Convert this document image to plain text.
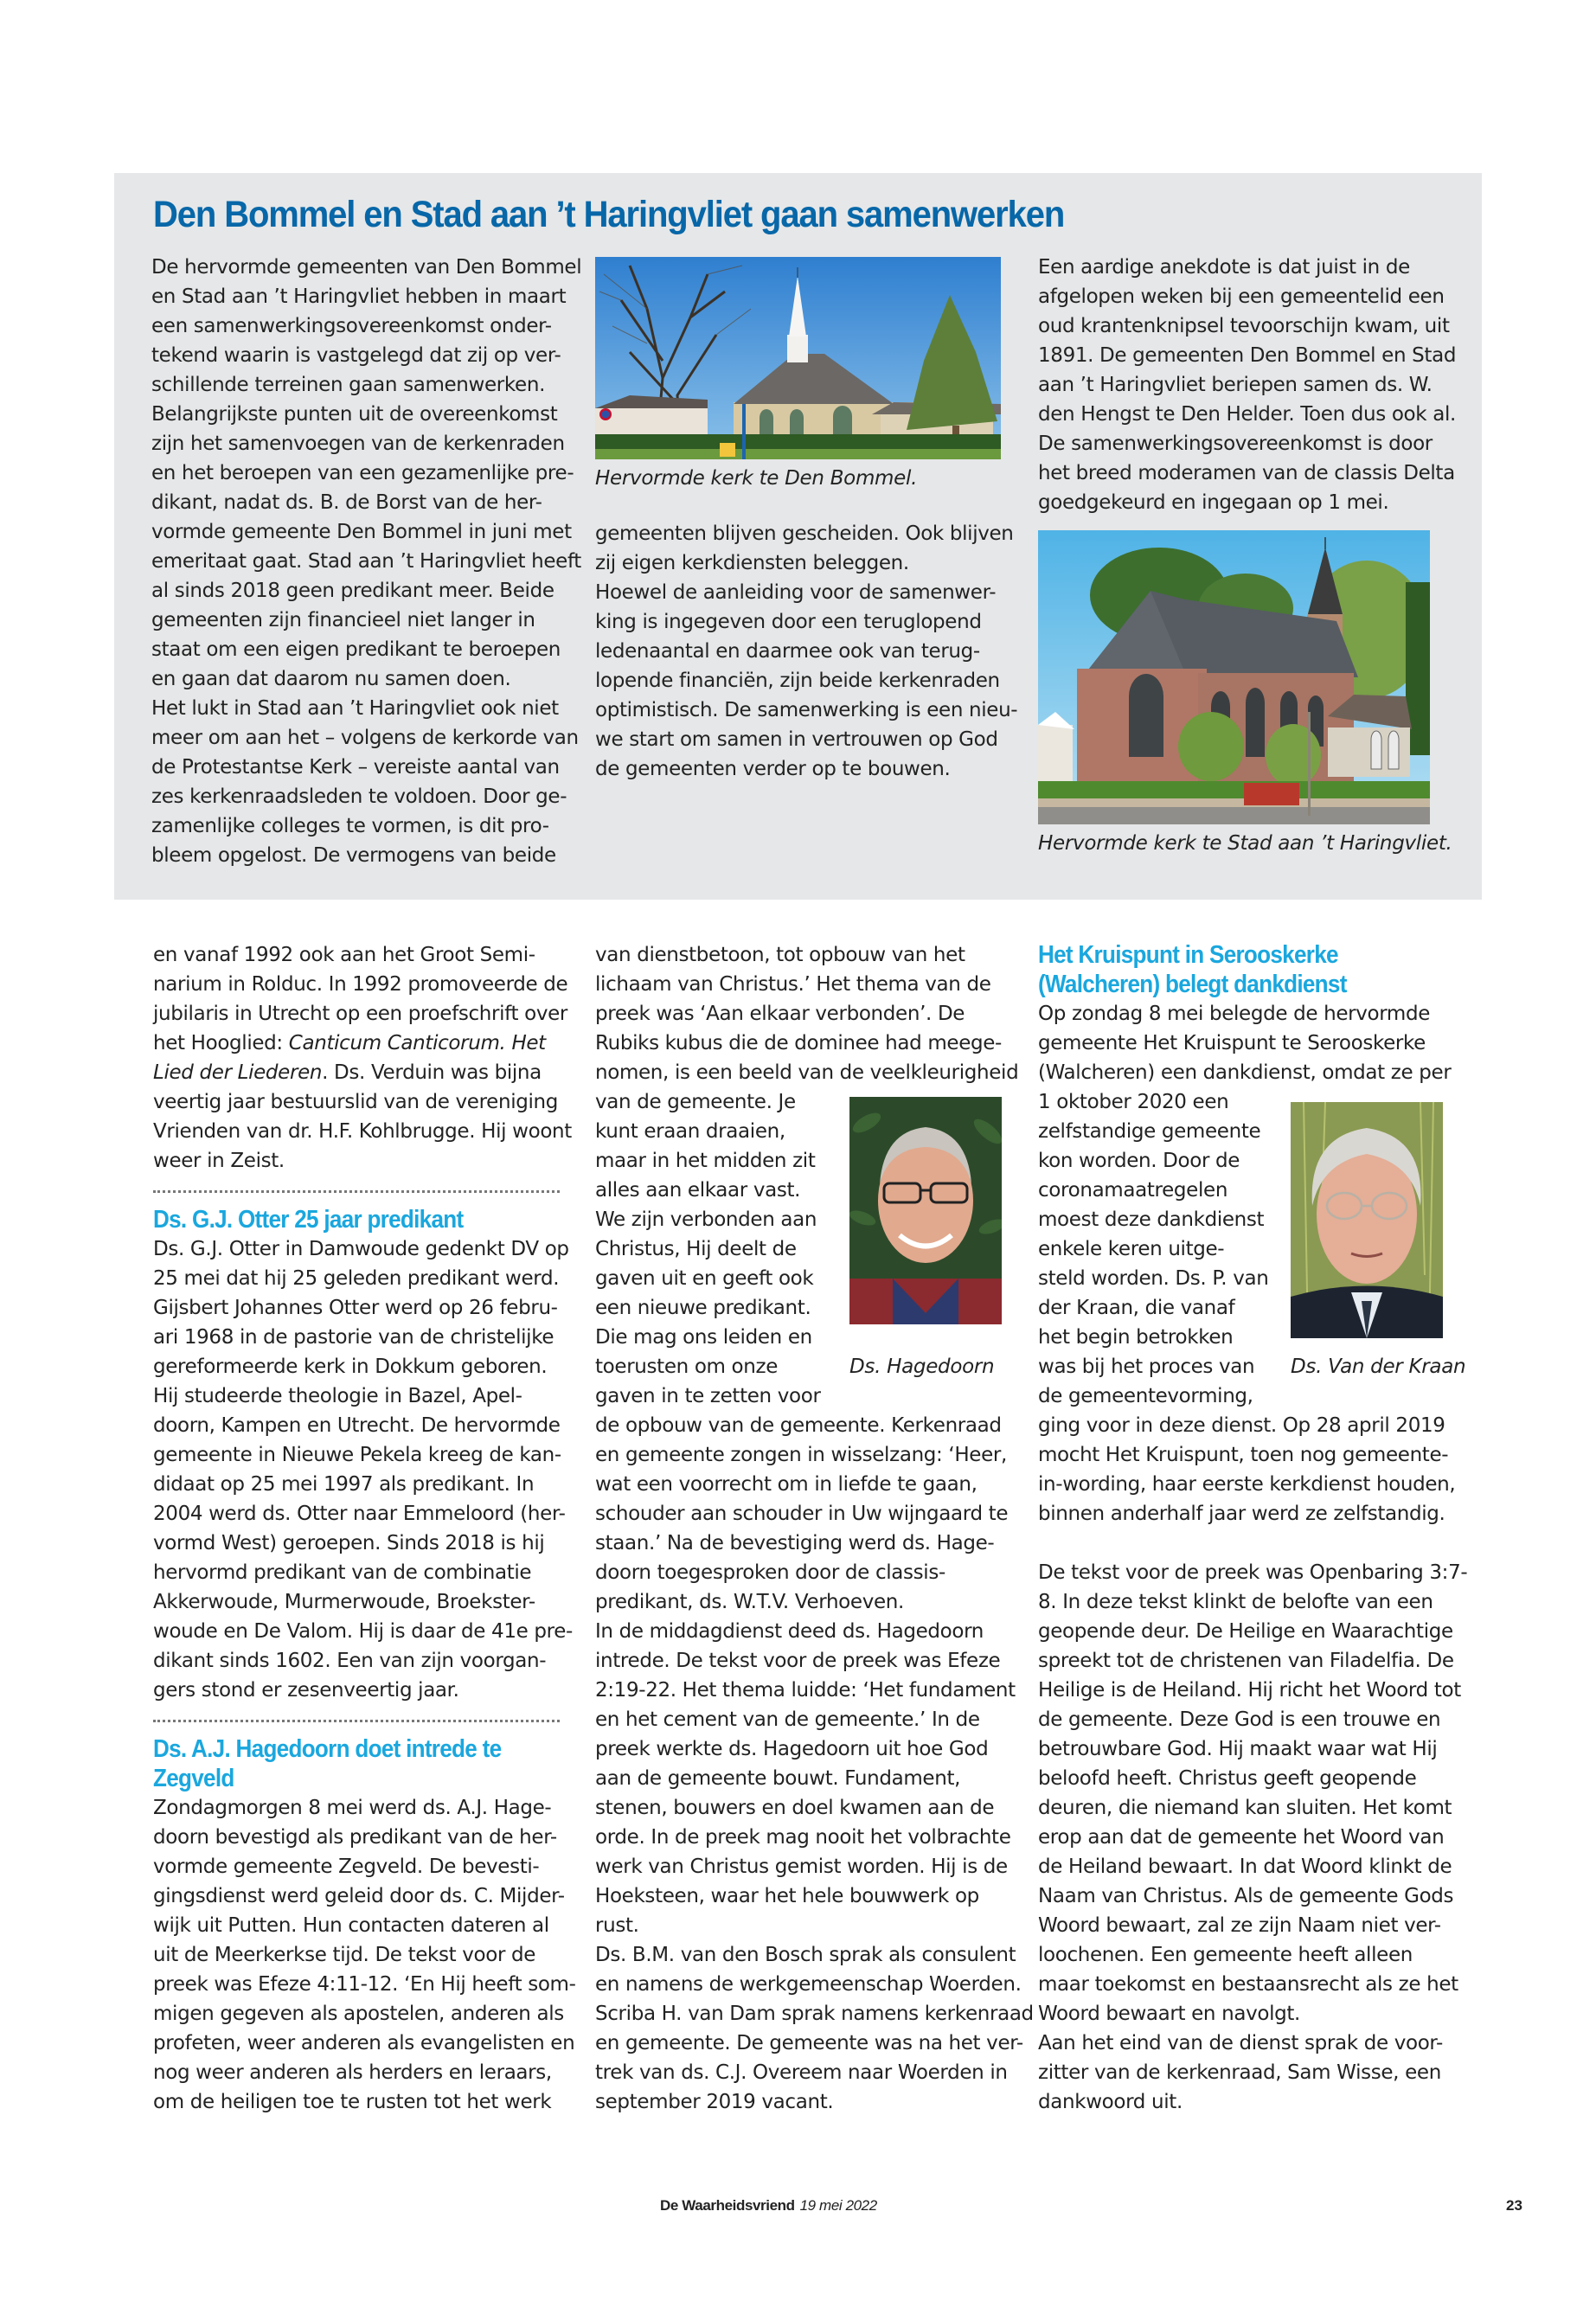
Den Bommel en Stad aan ’t Haringvliet gaan samenwerken

De hervormde gemeenten van Den Bommel

en Stad aan ’t Haringvliet hebben in maart

een samenwerkingsovereenkomst onder-

tekend waarin is vastgelegd dat zij op ver-

schillende terreinen gaan samenwerken.

Belangrijkste punten uit de overeenkomst

zijn het samenvoegen van de kerkenraden

en het beroepen van een gezamenlijke pre-

dikant, nadat ds. B. de Borst van de her-

vormde gemeente Den Bommel in juni met

emeritaat gaat. Stad aan ’t Haringvliet heeft

al sinds 2018 geen predikant meer. Beide

gemeenten zijn financieel niet langer in

staat om een eigen predikant te beroepen

en gaan dat daarom nu samen doen.

Het lukt in Stad aan ’t Haringvliet ook niet

meer om aan het – volgens de kerkorde van

de Protestantse Kerk – vereiste aantal van

zes kerkenraadsleden te voldoen. Door ge-

zamenlijke colleges te vormen, is dit pro-

bleem opgelost. De vermogens van beide

Hervormde kerk te Den Bommel.

gemeenten blijven gescheiden. Ook blijven

zij eigen kerkdiensten beleggen.

Hoewel de aanleiding voor de samenwer-

king is ingegeven door een teruglopend

ledenaantal en daarmee ook van terug-

lopende financiën, zijn beide kerkenraden

optimistisch. De samenwerking is een nieu-

we start om samen in vertrouwen op God

de gemeenten verder op te bouwen.

Een aardige anekdote is dat juist in de

afgelopen weken bij een gemeentelid een

oud krantenknipsel tevoorschijn kwam, uit

1891. De gemeenten Den Bommel en Stad

aan ’t Haringvliet beriepen samen ds. W.

den Hengst te Den Helder. Toen dus ook al.

De samenwerkingsovereenkomst is door

het breed moderamen van de classis Delta

goedgekeurd en ingegaan op 1 mei.

Hervormde kerk te Stad aan ’t Haringvliet.

en vanaf 1992 ook aan het Groot Semi-

narium in Rolduc. In 1992 promoveerde de

jubilaris in Utrecht op een proefschrift over

het Hooglied: Canticum Canticorum. Het

Lied der Liederen. Ds. Verduin was bijna

veertig jaar bestuurslid van de vereniging

Vrienden van dr. H.F. Kohlbrugge. Hij woont

weer in Zeist.

Ds. G.J. Otter 25 jaar predikant

Ds. G.J. Otter in Damwoude gedenkt DV op

25 mei dat hij 25 geleden predikant werd.

Gijsbert Johannes Otter werd op 26 febru-

ari 1968 in de pastorie van de christelijke

gereformeerde kerk in Dokkum geboren.

Hij studeerde theologie in Bazel, Apel-

doorn, Kampen en Utrecht. De hervormde

gemeente in Nieuwe Pekela kreeg de kan-

didaat op 25 mei 1997 als predikant. In

2004 werd ds. Otter naar Emmeloord (her-

vormd West) geroepen. Sinds 2018 is hij

hervormd predikant van de combinatie

Akkerwoude, Murmerwoude, Broekster-

woude en De Valom. Hij is daar de 41e pre-

dikant sinds 1602. Een van zijn voorgan-

gers stond er zesenveertig jaar.

Ds. A.J. Hagedoorn doet intrede te
Zegveld

Zondagmorgen 8 mei werd ds. A.J. Hage-

doorn bevestigd als predikant van de her-

vormde gemeente Zegveld. De bevesti-

gingsdienst werd geleid door ds. C. Mijder-

wijk uit Putten. Hun contacten dateren al

uit de Meerkerkse tijd. De tekst voor de

preek was Efeze 4:11-12. ‘En Hij heeft som-

migen gegeven als apostelen, anderen als

profeten, weer anderen als evangelisten en

nog weer anderen als herders en leraars,

om de heiligen toe te rusten tot het werk

van dienstbetoon, tot opbouw van het

lichaam van Christus.’ Het thema van de

preek was ‘Aan elkaar verbonden’. De

Rubiks kubus die de dominee had meege-

nomen, is een beeld van de veelkleurigheid

van de gemeente. Je

kunt eraan draaien,

maar in het midden zit

alles aan elkaar vast.

We zijn verbonden aan

Christus, Hij deelt de

gaven uit en geeft ook

een nieuwe predikant.

Die mag ons leiden en

toerusten om onze

gaven in te zetten voor

Ds. Hagedoorn

de opbouw van de gemeente. Kerkenraad

en gemeente zongen in wisselzang: ‘Heer,

wat een voorrecht om in liefde te gaan,

schouder aan schouder in Uw wijngaard te

staan.’ Na de bevestiging werd ds. Hage-

doorn toegesproken door de classis-

predikant, ds. W.T.V. Verhoeven.

In de middagdienst deed ds. Hagedoorn

intrede. De tekst voor de preek was Efeze

2:19-22. Het thema luidde: ‘Het fundament

en het cement van de gemeente.’ In de

preek werkte ds. Hagedoorn uit hoe God

aan de gemeente bouwt. Fundament,

stenen, bouwers en doel kwamen aan de

orde. In de preek mag nooit het volbrachte

werk van Christus gemist worden. Hij is de

Hoeksteen, waar het hele bouwwerk op

rust.

Ds. B.M. van den Bosch sprak als consulent

en namens de werkgemeenschap Woerden.

Scriba H. van Dam sprak namens kerkenraad

en gemeente. De gemeente was na het ver-

trek van ds. C.J. Overeem naar Woerden in

september 2019 vacant.

Het Kruispunt in Serooskerke
(Walcheren) belegt dankdienst

Op zondag 8 mei belegde de hervormde

gemeente Het Kruispunt te Serooskerke

(Walcheren) een dankdienst, omdat ze per

1 oktober 2020 een

zelfstandige gemeente

kon worden. Door de

coronamaatregelen

moest deze dankdienst

enkele keren uitge-

steld worden. Ds. P. van

der Kraan, die vanaf

het begin betrokken

was bij het proces van

de gemeentevorming,

Ds. Van der Kraan

ging voor in deze dienst. Op 28 april 2019

mocht Het Kruispunt, toen nog gemeente-

in-wording, haar eerste kerkdienst houden,

binnen anderhalf jaar werd ze zelfstandig.

De tekst voor de preek was Openbaring 3:7-

8. In deze tekst klinkt de belofte van een

geopende deur. De Heilige en Waarachtige

spreekt tot de christenen van Filadelfia. De

Heilige is de Heiland. Hij richt het Woord tot

de gemeente. Deze God is een trouwe en

betrouwbare God. Hij maakt waar wat Hij

beloofd heeft. Christus geeft geopende

deuren, die niemand kan sluiten. Het komt

erop aan dat de gemeente het Woord van

de Heiland bewaart. In dat Woord klinkt de

Naam van Christus. Als de gemeente Gods

Woord bewaart, zal ze zijn Naam niet ver-

loochenen. Een gemeente heeft alleen

maar toekomst en bestaansrecht als ze het

Woord bewaart en navolgt.

Aan het eind van de dienst sprak de voor-

zitter van de kerkenraad, Sam Wisse, een

dankwoord uit.

De Waarheidsvriend 19 mei 2022	23
